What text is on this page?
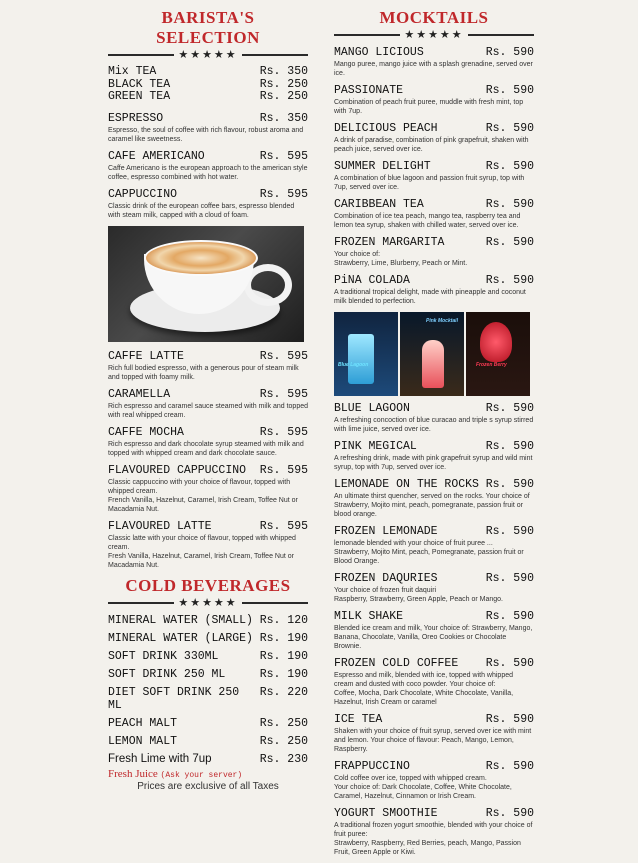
BARISTA'S SELECTION
★★★★★
Mix TEA	Rs. 350
BLACK TEA	Rs. 250
GREEN TEA	Rs. 250
ESPRESSO	Rs. 350
Espresso, the soul of coffee with rich flavour, robust aroma and caramel like sweetness.
CAFE AMERICANO	Rs. 595
Caffe Americano is the european approach to the american style coffee, espresso combined with hot water.
CAPPUCCINO	Rs. 595
Classic drink of the european coffee bars, espresso blended with steam milk, capped with a cloud of foam.
CAFFE LATTE	Rs. 595
Rich full bodied espresso, with a generous pour of steam milk and topped with foamy milk.
CARAMELLA	Rs. 595
Rich espresso and caramel sauce steamed with milk and topped with real whipped cream.
CAFFE MOCHA	Rs. 595
Rich espresso and dark chocolate syrup steamed with milk and topped with whipped cream and dark chocolate sauce.
FLAVOURED CAPPUCCINO Rs. 595
Classic cappuccino with your choice of flavour, topped with whipped cream.
French Vanilla, Hazelnut, Caramel, Irish Cream, Toffee Nut or Macadamia Nut.
FLAVOURED LATTE	Rs. 595
Classic latte with your choice of flavour, topped with whipped cream.
Fresh Vanilla, Hazelnut, Caramel, Irish Cream, Toffee Nut or Macadamia Nut.
COLD BEVERAGES
★★★★★
MINERAL WATER (SMALL) Rs. 120
MINERAL WATER (LARGE) Rs. 190
SOFT DRINK 330ML	Rs. 190
SOFT DRINK 250 ML	Rs. 190
DIET SOFT DRINK 250 ML
Rs. 220
PEACH MALT	Rs. 250
LEMON MALT	Rs. 250
Fresh Lime with 7up	Rs. 230
Fresh Juice (Ask your server)
Prices are exclusive of all Taxes
MOCKTAILS
★★★★★
MANGO LICIOUS	Rs. 590
Mango puree, mango juice with a splash grenadine, served over ice.
PASSIONATE	Rs. 590
Combination of peach fruit puree, muddle with fresh mint, top with 7up.
DELICIOUS PEACH	Rs. 590
A drink of paradise, combination of pink grapefruit, shaken with peach juice, served over ice.
SUMMER DELIGHT	Rs. 590
A combination of blue lagoon and passion fruit syrup, top with 7up, served over ice.
CARIBBEAN TEA	Rs. 590
Combination of ice tea peach, mango tea, raspberry tea and lemon tea syrup, shaken with chilled water, served over ice.
FROZEN MARGARITA	Rs. 590
Your choice of:
Strawberry, Lime, Blurberry, Peach or Mint.
PiNA COLADA	Rs. 590
A traditional tropical delight, made with pineapple and coconut milk blended to perfection.
Blue Lagoon
Pink Mocktail
Frozen Berry
BLUE LAGOON	Rs. 590
A refreshing concoction of blue curacao and triple s syrup stirred with lime juice, served over ice.
PINK MEGICAL	Rs. 590
A refreshing drink, made with pink grapefruit syrup and wild mint syrup, top with 7up, served over ice.
LEMONADE ON THE ROCKS Rs. 590
An ultimate thirst quencher, served on the rocks. Your choice of Strawberry, Mojito mint, peach, pomegranate, passion fruit or blood orange.
FROZEN LEMONADE	Rs. 590
lemonade blended with your choice of fruit puree ...
Strawberry, Mojito Mint, peach, Pomegranate, passion fruit or Blood Orange.
FROZEN DAQURIES	Rs. 590
Your choice of frozen fruit daquiri
Raspberry, Strawberry, Green Apple, Peach or Mango.
MILK SHAKE	Rs. 590
Blended ice cream and milk, Your choice of: Strawberry, Mango, Banana, Chocolate, Vanilla, Oreo Cookies or Chocolate Brownie.
FROZEN COLD COFFEE Rs. 590
Espresso and milk, blended with ice, topped with whipped cream and dusted with coco powder. Your choice of:
Coffee, Mocha, Dark Chocolate, White Chocolate, Vanilla, Hazelnut, Irish Cream or caramel
ICE TEA	Rs. 590
Shaken with your choice of fruit syrup, served over ice with mint and lemon. Your choice of flavour: Peach, Mango, Lemon, Raspberry.
FRAPPUCCINO	Rs. 590
Cold coffee over ice, topped with whipped cream.
Your choice of: Dark Chocolate, Coffee, White Chocolate, Caramel, Hazelnut, Cinnamon or Irish Cream.
YOGURT SMOOTHIE	Rs. 590
A traditional frozen yogurt smoothie, blended with your choice of fruit puree:
Strawberry, Raspberry, Red Berries, peach, Mango, Passion Fruit, Green Apple or Kiwi.
